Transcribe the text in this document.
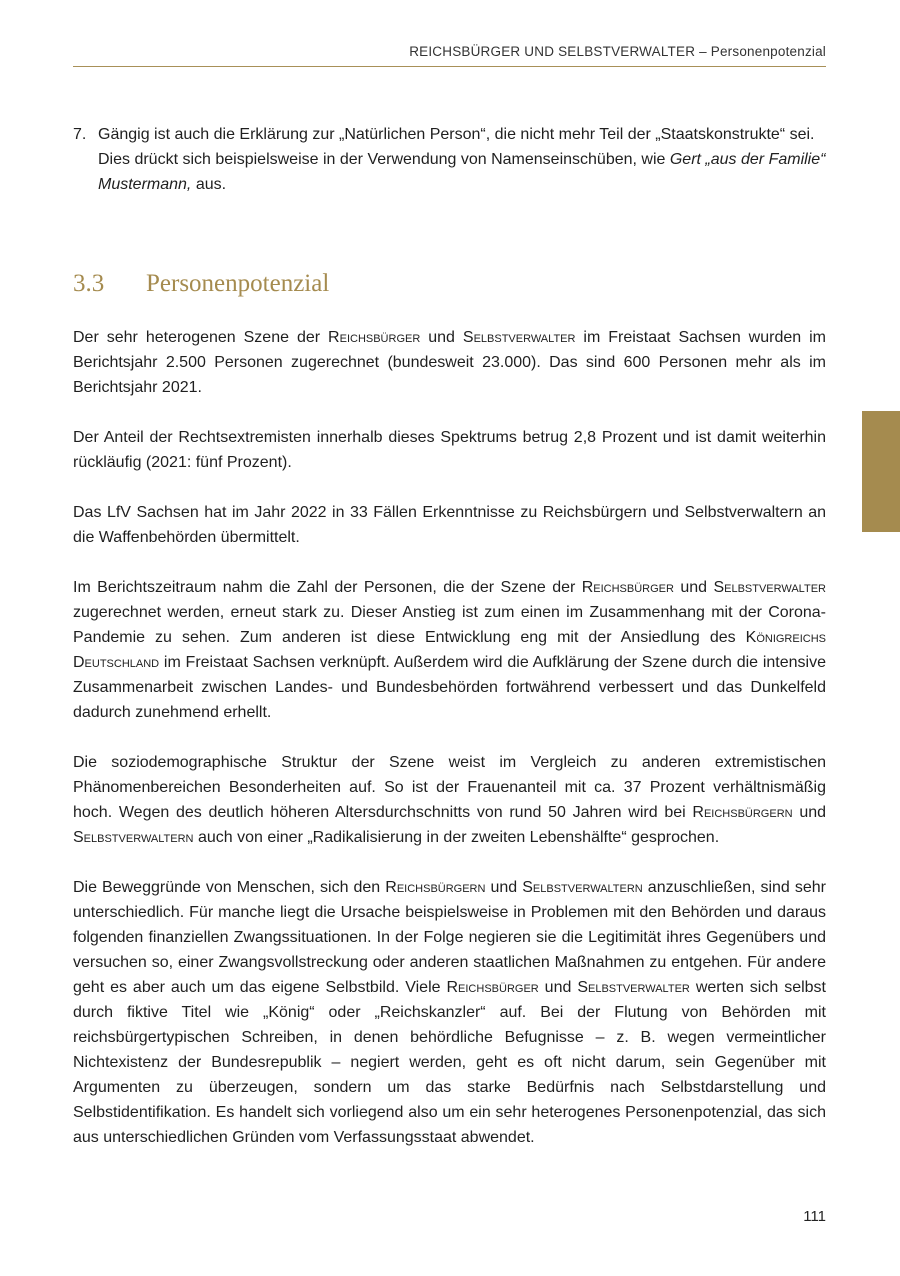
REICHSBÜRGER UND SELBSTVERWALTER – Personenpotenzial
7. Gängig ist auch die Erklärung zur „Natürlichen Person“, die nicht mehr Teil der „Staatskonstrukte“ sei. Dies drückt sich beispielsweise in der Verwendung von Namenseinschüben, wie Gert „aus der Familie“ Mustermann, aus.
3.3	Personenpotenzial

Der sehr heterogenen Szene der Reichsbürger und Selbstverwalter im Freistaat Sachsen wurden im Berichtsjahr 2.500 Personen zugerechnet (bundesweit 23.000). Das sind 600 Personen mehr als im Berichtsjahr 2021.

Der Anteil der Rechtsextremisten innerhalb dieses Spektrums betrug 2,8 Prozent und ist damit weiterhin rückläufig (2021: fünf Prozent).

Das LfV Sachsen hat im Jahr 2022 in 33 Fällen Erkenntnisse zu Reichsbürgern und Selbstverwaltern an die Waffenbehörden übermittelt.

Im Berichtszeitraum nahm die Zahl der Personen, die der Szene der Reichsbürger und Selbstverwalter zugerechnet werden, erneut stark zu. Dieser Anstieg ist zum einen im Zusammenhang mit der Corona-Pandemie zu sehen. Zum anderen ist diese Entwicklung eng mit der Ansiedlung des Königreichs Deutschland im Freistaat Sachsen verknüpft. Außerdem wird die Aufklärung der Szene durch die intensive Zusammenarbeit zwischen Landes- und Bundesbehörden fortwährend verbessert und das Dunkelfeld dadurch zunehmend erhellt.

Die soziodemographische Struktur der Szene weist im Vergleich zu anderen extremistischen Phänomenbereichen Besonderheiten auf. So ist der Frauenanteil mit ca. 37 Prozent verhältnismäßig hoch. Wegen des deutlich höheren Altersdurchschnitts von rund 50 Jahren wird bei Reichsbürgern und Selbstverwaltern auch von einer „Radikalisierung in der zweiten Lebenshälfte“ gesprochen.

Die Beweggründe von Menschen, sich den Reichsbürgern und Selbstverwaltern anzuschließen, sind sehr unterschiedlich. Für manche liegt die Ursache beispielsweise in Problemen mit den Behörden und daraus folgenden finanziellen Zwangssituationen. In der Folge negieren sie die Legitimität ihres Gegenübers und versuchen so, einer Zwangsvollstreckung oder anderen staatlichen Maßnahmen zu entgehen. Für andere geht es aber auch um das eigene Selbstbild. Viele Reichsbürger und Selbstverwalter werten sich selbst durch fiktive Titel wie „König“ oder „Reichskanzler“ auf. Bei der Flutung von Behörden mit reichsbürgertypischen Schreiben, in denen behördliche Befugnisse – z. B. wegen vermeintlicher Nichtexistenz der Bundesrepublik – negiert werden, geht es oft nicht darum, sein Gegenüber mit Argumenten zu überzeugen, sondern um das starke Bedürfnis nach Selbstdarstellung und Selbstidentifikation. Es handelt sich vorliegend also um ein sehr heterogenes Personenpotenzial, das sich aus unterschiedlichen Gründen vom Verfassungsstaat abwendet.

111
